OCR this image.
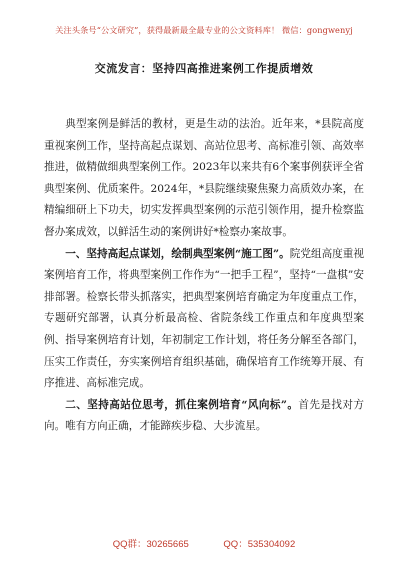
关注头条号“公文研究”，获得最新最全最专业的公文资料库！ 微信：gongwenyj
交流发言：坚持四高推进案例工作提质增效

典型案例是鲜活的教材，更是生动的法治。近年来，*县院高度重视案例工作，坚持高起点谋划、高站位思考、高标准引领、高效率推进，做精做细典型案例工作。2023年以来共有6个案事例获评全省典型案例、优质案件。2024年，*县院继续聚焦聚力高质效办案，在精编细研上下功夫，切实发挥典型案例的示范引领作用，提升检察监督办案成效，以鲜活生动的案例讲好*检察办案故事。

一、坚持高起点谋划，绘制典型案例“施工图”。院党组高度重视案例培育工作，将典型案例工作作为“一把手工程”，坚持“一盘棋”安排部署。检察长带头抓落实，把典型案例培育确定为年度重点工作，专题研究部署，认真分析最高检、省院条线工作重点和年度典型案例、指导案例培育计划，年初制定工作计划，将任务分解至各部门，压实工作责任，夯实案例培育组织基础，确保培育工作统筹开展、有序推进、高标准完成。

二、坚持高站位思考，抓住案例培育“风向标”。首先是找对方向。唯有方向正确，才能蹄疾步稳、大步流星。

QQ群：30265665	QQ：535304092
